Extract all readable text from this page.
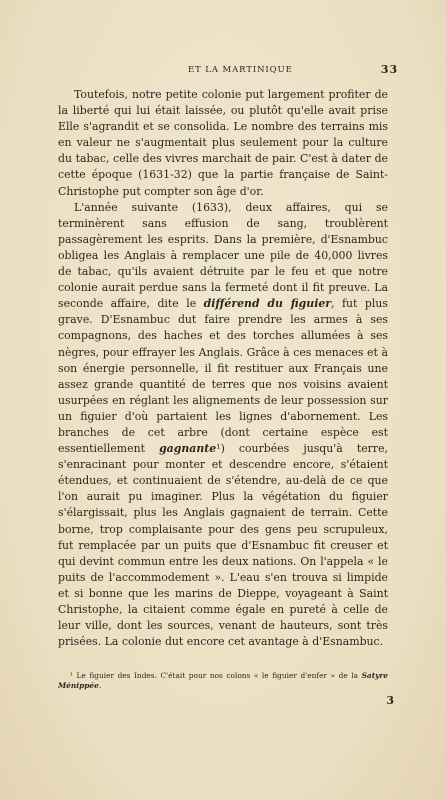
ET LA MARTINIQUE	33

Toutefois, notre petite colonie put largement profiter de la liberté qui lui était laissée, ou plutôt qu'elle avait prise Elle s'agrandit et se consolida. Le nombre des terrains mis en valeur ne s'augmentait plus seulement pour la culture du tabac, celle des vivres marchait de pair. C'est à dater de cette époque (1631-32) que la partie française de Saint-Christophe put compter son âge d'or.

L'année suivante (1633), deux affaires, qui se terminèrent sans effusion de sang, troublèrent passagèrement les esprits. Dans la première, d'Esnambuc obligea les Anglais à remplacer une pile de 40,000 livres de tabac, qu'ils avaient détruite par le feu et que notre colonie aurait perdue sans la fermeté dont il fit preuve. La seconde affaire, dite le différend du figuier, fut plus grave. D'Esnambuc dut faire prendre les armes à ses compagnons, des haches et des torches allumées à ses nègres, pour effrayer les Anglais. Grâce à ces menaces et à son énergie personnelle, il fit restituer aux Français une assez grande quantité de terres que nos voisins avaient usurpées en réglant les alignements de leur possession sur un figuier d'où partaient les lignes d'abornement. Les branches de cet arbre (dont certaine espèce est essentiellement gagnante¹) courbées jusqu'à terre, s'enracinant pour monter et descendre encore, s'étaient étendues, et continuaient de s'étendre, au-delà de ce que l'on aurait pu imaginer. Plus la végétation du figuier s'élargissait, plus les Anglais gagnaient de terrain. Cette borne, trop complaisante pour des gens peu scrupuleux, fut remplacée par un puits que d'Esnambuc fit creuser et qui devint commun entre les deux nations. On l'appela « le puits de l'accommodement ». L'eau s'en trouva si limpide et si bonne que les marins de Dieppe, voyageant à Saint Christophe, la citaient comme égale en pureté à celle de leur ville, dont les sources, venant de hauteurs, sont très prisées. La colonie dut encore cet avantage à d'Esnambuc.

¹ Le figuier des Indes. C'était pour nos colons « le figuier d'enfer » de la Satyre Ménippée.

3
